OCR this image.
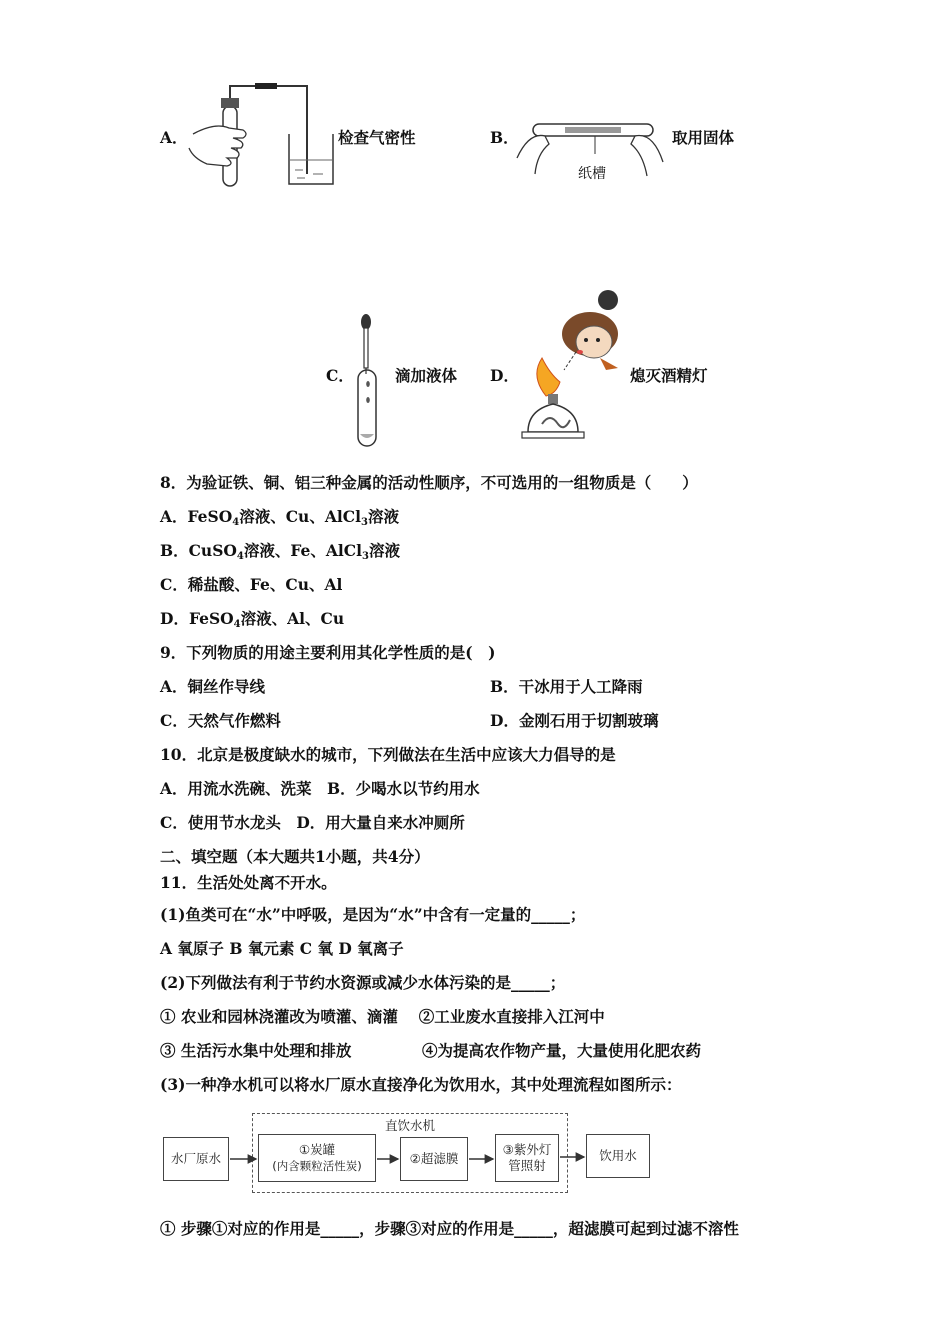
A．	检查气密性	B．
纸槽
取用固体
C．	滴加液体 D．	熄灭酒精灯
8．为验证铁、铜、铝三种金属的活动性顺序，不可选用的一组物质是（　　）
A．FeSO$_4$溶液、Cu、AlCl$_3$溶液
B．CuSO$_4$溶液、Fe、AlCl$_3$溶液
C．稀盐酸、Fe、Cu、Al
D．FeSO$_4$溶液、Al、Cu
9．下列物质的用途主要利用其化学性质的是(　)
A．铜丝作导线	B．干冰用于人工降雨
C．天然气作燃料	D．金刚石用于切割玻璃
10．北京是极度缺水的城市，下列做法在生活中应该大力倡导的是
A．用流水洗碗、洗菜　B．少喝水以节约用水
C．使用节水龙头　D．用大量自来水冲厕所
二、填空题（本大题共1小题，共4分）
11．生活处处离不开水。
(1)鱼类可在“水”中呼吸，是因为“水”中含有一定量的_____；
A 氧原子 B 氧元素 C 氧 D 氧离子
(2)下列做法有利于节约水资源或减少水体污染的是_____；
① 农业和园林浇灌改为喷灌、滴灌　 ②工业废水直接排入江河中
③ 生活污水集中处理和排放	④为提高农作物产量，大量使用化肥农药
(3)一种净水机可以将水厂原水直接净化为饮用水，其中处理流程如图所示：
直饮水机
水厂原水
①炭罐
(内含颗粒活性炭)	②超滤膜
③紫外灯
管照射
饮用水
① 步骤①对应的作用是_____，步骤③对应的作用是_____，超滤膜可起到过滤不溶性
